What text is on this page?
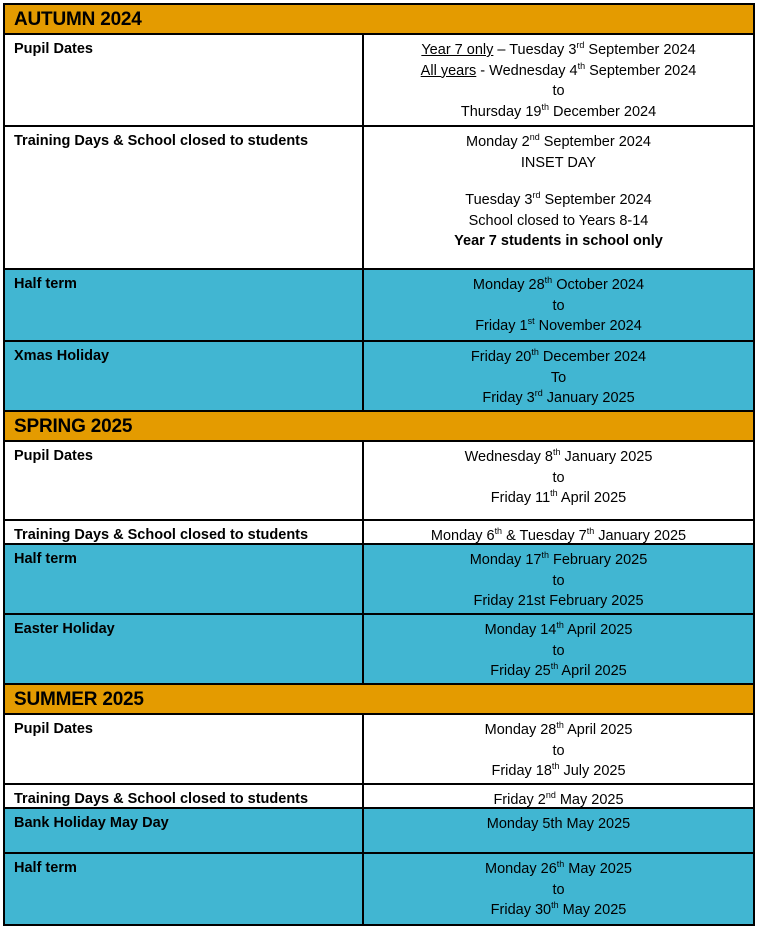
AUTUMN 2024
Pupil Dates	Year 7 only – Tuesday 3rd September 2024
All years - Wednesday 4th September 2024
to
Thursday 19th December 2024
Training Days & School closed to students	Monday 2nd September 2024
INSET DAY

Tuesday 3rd September 2024
School closed to Years 8-14
Year 7 students in school only
Half term	Monday 28th October 2024
to
Friday 1st November 2024
Xmas Holiday	Friday 20th December 2024
To
Friday 3rd January 2025
SPRING 2025
Pupil Dates	Wednesday 8th January 2025
to
Friday 11th April 2025
Training Days & School closed to students	Monday 6th & Tuesday 7th January 2025
Half term	Monday 17th February 2025
to
Friday 21st February 2025
Easter Holiday	Monday 14th April 2025
to
Friday 25th April 2025
SUMMER 2025
Pupil Dates	Monday 28th April 2025
to
Friday 18th July 2025
Training Days & School closed to students	Friday 2nd May 2025
Bank Holiday May Day	Monday 5th May 2025
Half term	Monday 26th May 2025
to
Friday 30th May 2025
